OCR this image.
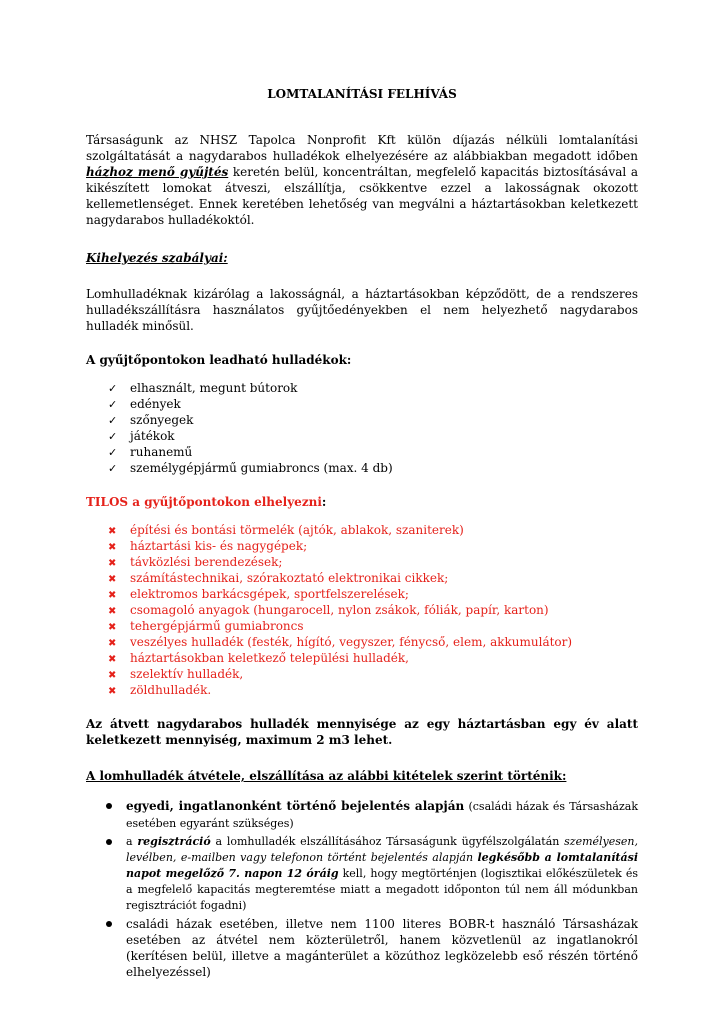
LOMTALANÍTÁSI FELHÍVÁS

Társaságunk az NHSZ Tapolca Nonprofit Kft külön díjazás nélküli lomtalanítási szolgáltatását a nagydarabos hulladékok elhelyezésére az alábbiakban megadott időben házhoz menő gyűjtés keretén belül, koncentráltan, megfelelő kapacitás biztosításával a kikészített lomokat átveszi, elszállítja, csökkentve ezzel a lakosságnak okozott kellemetlenséget. Ennek keretében lehetőség van megválni a háztartásokban keletkezett nagydarabos hulladékoktól.

Kihelyezés szabályai:

Lomhulladéknak kizárólag a lakosságnál, a háztartásokban képződött, de a rendszeres hulladékszállításra használatos gyűjtőedényekben el nem helyezhető nagydarabos hulladék minősül.

A gyűjtőpontokon leadható hulladékok:

✓	elhasznált, megunt bútorok
✓	edények
✓	szőnyegek
✓	játékok
✓	ruhanemű
✓	személygépjármű gumiabroncs (max. 4 db)

TILOS a gyűjtőpontokon elhelyezni:

✖	építési és bontási törmelék (ajtók, ablakok, szaniterek)
✖	háztartási kis- és nagygépek;
✖	távközlési berendezések;
✖	számítástechnikai, szórakoztató elektronikai cikkek;
✖	elektromos barkácsgépek, sportfelszerelések;
✖	csomagoló anyagok (hungarocell, nylon zsákok, fóliák, papír, karton)
✖	tehergépjármű gumiabroncs
✖	veszélyes hulladék (festék, hígító, vegyszer, fénycső, elem, akkumulátor)
✖	háztartásokban keletkező települési hulladék,
✖	szelektív hulladék,
✖	zöldhulladék.

Az átvett nagydarabos hulladék mennyisége az egy háztartásban egy év alatt keletkezett mennyiség, maximum 2 m3 lehet.

A lomhulladék átvétele, elszállítása az alábbi kitételek szerint történik:

egyedi, ingatlanonként történő bejelentés alapján (családi házak és Társasházak esetében egyaránt szükséges)
a regisztráció a lomhulladék elszállításához Társaságunk ügyfélszolgálatán személyesen, levélben, e-mailben vagy telefonon történt bejelentés alapján legkésőbb a lomtalanítási napot megelőző 7. napon 12 óráig kell, hogy megtörténjen (logisztikai előkészületek és a megfelelő kapacitás megteremtése miatt a megadott időponton túl nem áll módunkban regisztrációt fogadni)
családi házak esetében, illetve nem 1100 literes BOBR-t használó Társasházak esetében az átvétel nem közterületről, hanem közvetlenül az ingatlanokról (kerítésen belül, illetve a magánterület a közúthoz legközelebb eső részén történő elhelyezéssel)
